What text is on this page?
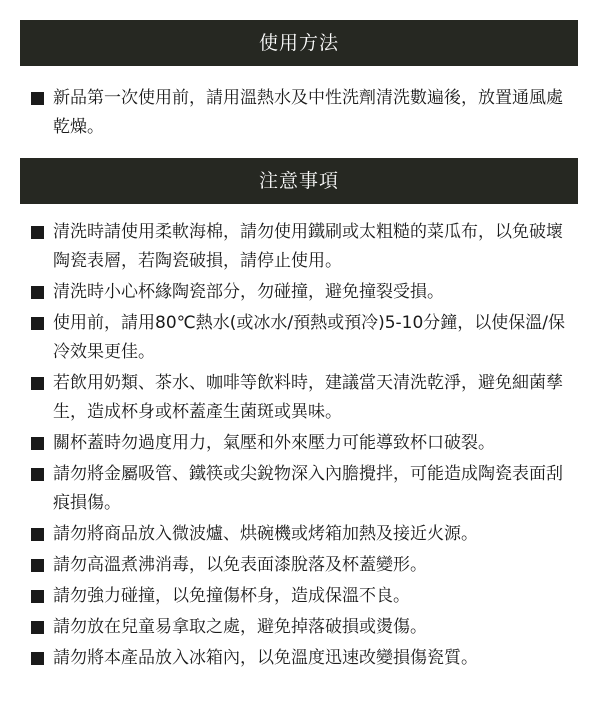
使用方法
新品第一次使用前，請用溫熱水及中性洗劑清洗數遍後，放置通風處乾燥。
注意事項
清洗時請使用柔軟海棉，請勿使用鐵刷或太粗糙的菜瓜布，以免破壞陶瓷表層，若陶瓷破損，請停止使用。
清洗時小心杯緣陶瓷部分，勿碰撞，避免撞裂受損。
使用前，請用80℃熱水(或冰水/預熱或預冷)5-10分鐘，以使保溫/保冷效果更佳。
若飲用奶類、茶水、咖啡等飲料時，建議當天清洗乾淨，避免細菌孳生，造成杯身或杯蓋產生菌斑或異味。
關杯蓋時勿過度用力，氣壓和外來壓力可能導致杯口破裂。
請勿將金屬吸管、鐵筷或尖銳物深入內膽攪拌，可能造成陶瓷表面刮痕損傷。
請勿將商品放入微波爐、烘碗機或烤箱加熱及接近火源。
請勿高溫煮沸消毒，以免表面漆脫落及杯蓋變形。
請勿強力碰撞，以免撞傷杯身，造成保溫不良。
請勿放在兒童易拿取之處，避免掉落破損或燙傷。
請勿將本產品放入冰箱內，以免溫度迅速改變損傷瓷質。
